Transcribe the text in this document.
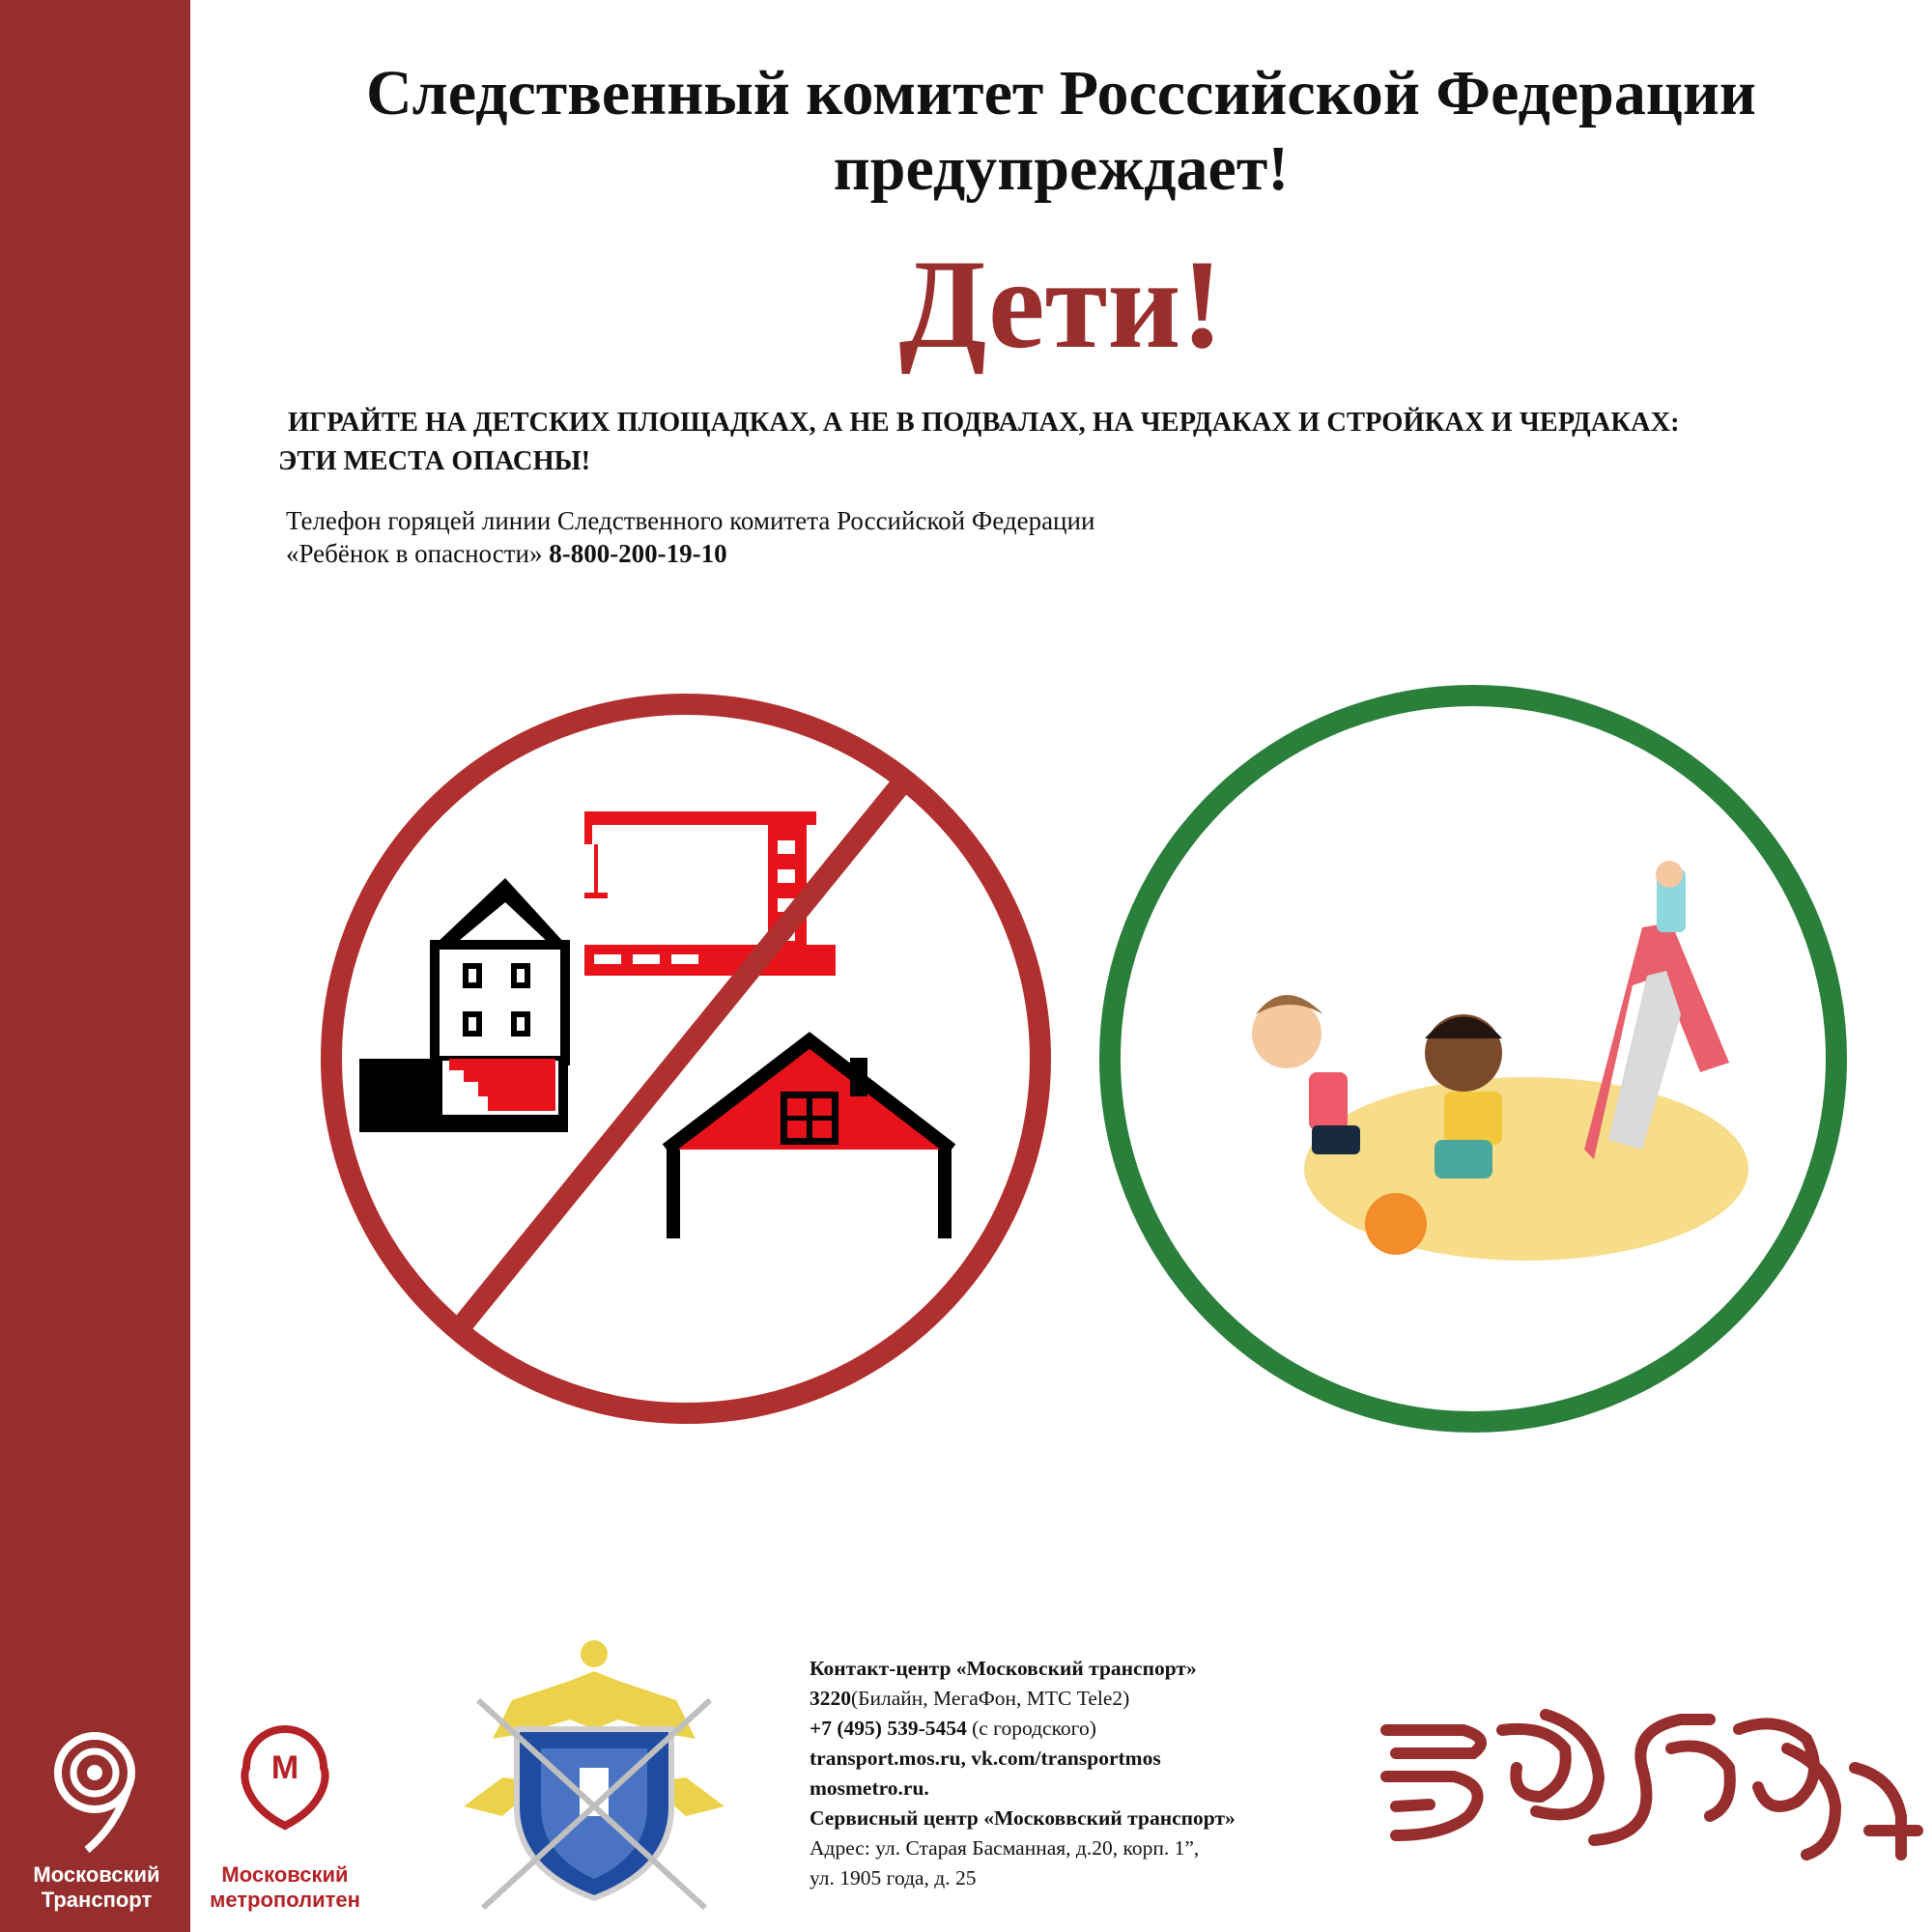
Следственный комитет Росссийской Федерации
предупреждает!
Дети!
ИГРАЙТЕ НА ДЕТСКИХ ПЛОЩАДКАХ, А НЕ В ПОДВАЛАХ, НА ЧЕРДАКАХ И СТРОЙКАХ И ЧЕРДАКАХ:
ЭТИ МЕСТА ОПАСНЫ!
Телефон горяцей линии Следственного комитета Российской Федерации
«Ребёнок в опасности» 8-800-200-19-10
Московский
Транспорт
М
Московский
метрополитен
Контакт-центр «Московский транспорт»
3220(Билайн, МегаФон, МТС Tele2)
+7 (495) 539-5454 (с городского)
transport.mos.ru, vk.com/transportmos
mosmetro.ru.
Сервисный центр «Московвский транспорт»
Адрес: ул. Старая Басманная, д.20, корп. 1”,
ул. 1905 года, д. 25
